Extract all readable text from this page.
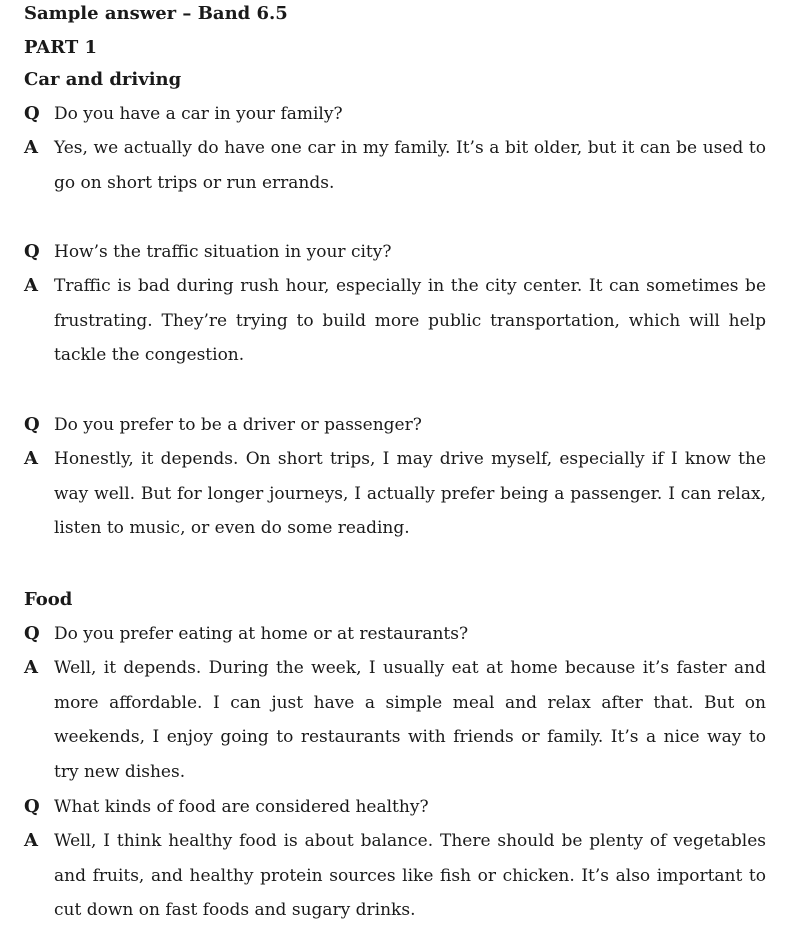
Sample answer – Band 6.5
PART 1
Car and driving
Q Do you have a car in your family?
A Yes, we actually do have one car in my family. It’s a bit older, but it can be used to go on short trips or run errands.
Q How’s the traffic situation in your city?
A Traffic is bad during rush hour, especially in the city center. It can sometimes be frustrating. They’re trying to build more public transportation, which will help tackle the congestion.
Q Do you prefer to be a driver or passenger?
A Honestly, it depends. On short trips, I may drive myself, especially if I know the way well. But for longer journeys, I actually prefer being a passenger. I can relax, listen to music, or even do some reading.
Food
Q Do you prefer eating at home or at restaurants?
A Well, it depends. During the week, I usually eat at home because it’s faster and more affordable. I can just have a simple meal and relax after that. But on weekends, I enjoy going to restaurants with friends or family. It’s a nice way to try new dishes.
Q What kinds of food are considered healthy?
A Well, I think healthy food is about balance. There should be plenty of vegetables and fruits, and healthy protein sources like fish or chicken. It’s also important to cut down on fast foods and sugary drinks.
